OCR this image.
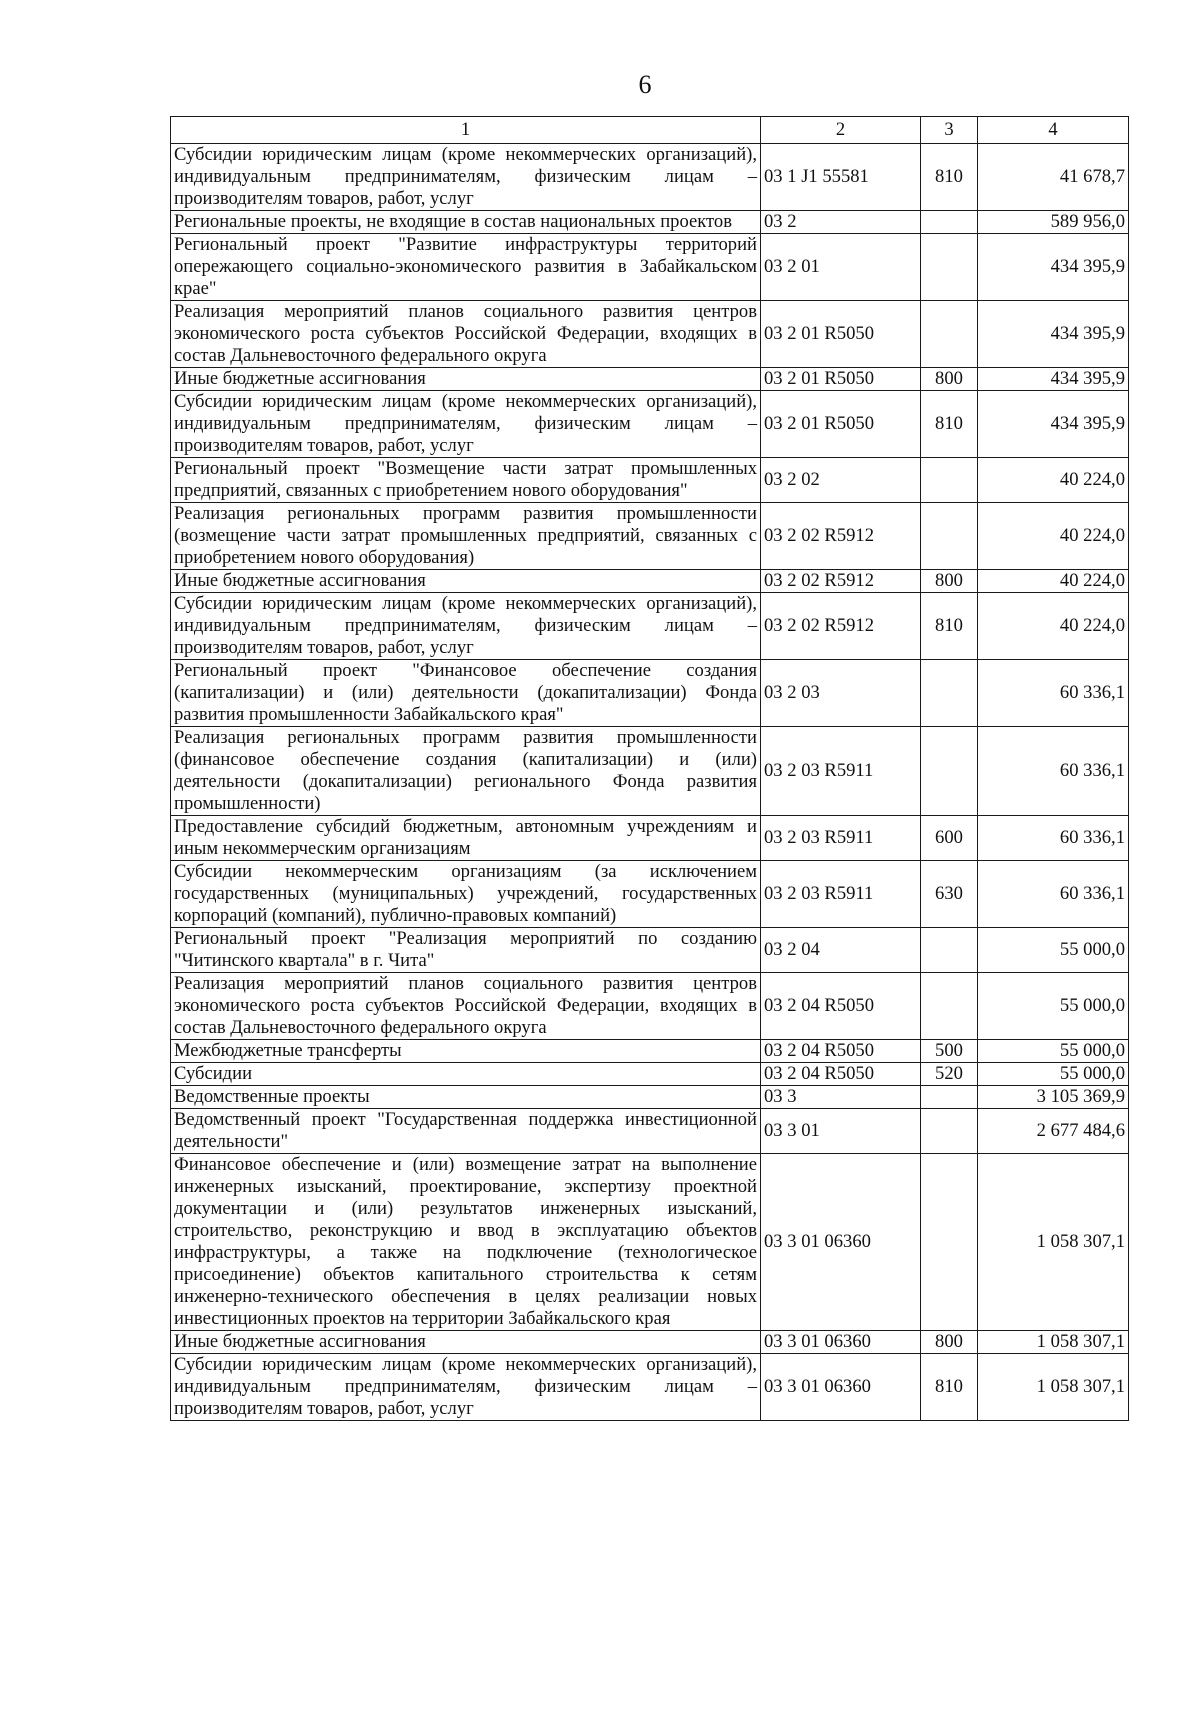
6
1	2	3	4
Субсидии юридическим лицам (кроме некоммерческих организаций), индивидуальным предпринимателям, физическим лицам – производителям товаров, работ, услуг	03 1 J1 55581	810	41 678,7
Региональные проекты, не входящие в состав национальных проектов	03 2		589 956,0
Региональный проект "Развитие инфраструктуры территорий опережающего социально-экономического развития в Забайкальском крае"	03 2 01		434 395,9
Реализация мероприятий планов социального развития центров экономического роста субъектов Российской Федерации, входящих в состав Дальневосточного федерального округа	03 2 01 R5050		434 395,9
Иные бюджетные ассигнования	03 2 01 R5050	800	434 395,9
Субсидии юридическим лицам (кроме некоммерческих организаций), индивидуальным предпринимателям, физическим лицам – производителям товаров, работ, услуг	03 2 01 R5050	810	434 395,9
Региональный проект "Возмещение части затрат промышленных предприятий, связанных с приобретением нового оборудования"	03 2 02		40 224,0
Реализация региональных программ развития промышленности (возмещение части затрат промышленных предприятий, связанных с приобретением нового оборудования)	03 2 02 R5912		40 224,0
Иные бюджетные ассигнования	03 2 02 R5912	800	40 224,0
Субсидии юридическим лицам (кроме некоммерческих организаций), индивидуальным предпринимателям, физическим лицам – производителям товаров, работ, услуг	03 2 02 R5912	810	40 224,0
Региональный проект "Финансовое обеспечение создания (капитализации) и (или) деятельности (докапитализации) Фонда развития промышленности Забайкальского края"	03 2 03		60 336,1
Реализация региональных программ развития промышленности (финансовое обеспечение создания (капитализации) и (или) деятельности (докапитализации) регионального Фонда развития промышленности)	03 2 03 R5911		60 336,1
Предоставление субсидий бюджетным, автономным учреждениям и иным некоммерческим организациям	03 2 03 R5911	600	60 336,1
Субсидии некоммерческим организациям (за исключением государственных (муниципальных) учреждений, государственных корпораций (компаний), публично-правовых компаний)	03 2 03 R5911	630	60 336,1
Региональный проект "Реализация мероприятий по созданию "Читинского квартала" в г. Чита"	03 2 04		55 000,0
Реализация мероприятий планов социального развития центров экономического роста субъектов Российской Федерации, входящих в состав Дальневосточного федерального округа	03 2 04 R5050		55 000,0
Межбюджетные трансферты	03 2 04 R5050	500	55 000,0
Субсидии	03 2 04 R5050	520	55 000,0
Ведомственные проекты	03 3		3 105 369,9
Ведомственный проект "Государственная поддержка инвестиционной деятельности"	03 3 01		2 677 484,6
Финансовое обеспечение и (или) возмещение затрат на выполнение инженерных изысканий, проектирование, экспертизу проектной документации и (или) результатов инженерных изысканий, строительство, реконструкцию и ввод в эксплуатацию объектов инфраструктуры, а также на подключение (технологическое присоединение) объектов капитального строительства к сетям инженерно-технического обеспечения в целях реализации новых инвестиционных проектов на территории Забайкальского края	03 3 01 06360		1 058 307,1
Иные бюджетные ассигнования	03 3 01 06360	800	1 058 307,1
Субсидии юридическим лицам (кроме некоммерческих организаций), индивидуальным предпринимателям, физическим лицам – производителям товаров, работ, услуг	03 3 01 06360	810	1 058 307,1
